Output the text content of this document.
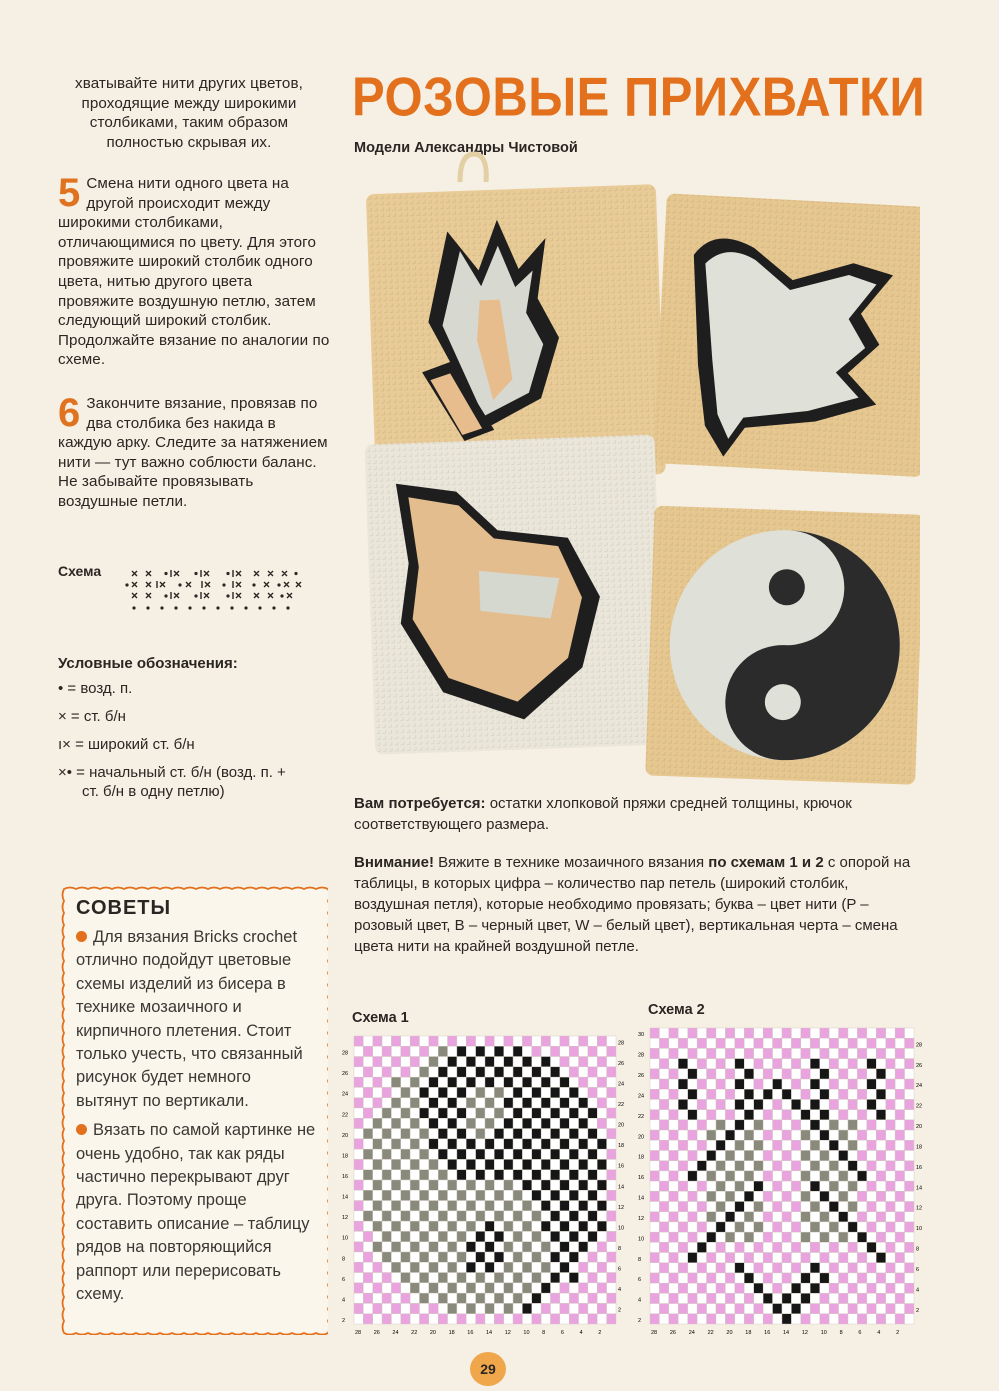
хватывайте нити других цветов, проходящие между широкими столбиками, таким образом полностью скрывая их.
5 Смена нити одного цвета на другой происходит между широкими столбиками, отличающимися по цвету. Для этого провяжите широкий столбик одного цвета, нитью другого цвета провяжите воздушную петлю, затем следующий широкий столбик. Продолжайте вязание по аналогии по схеме.

6 Закончите вязание, провязав по два столбика без накида в каждую арку. Следите за натяжением нити — тут важно соблюсти баланс. Не забывайте провязывать воздушные петли.

Схема
Условные обозначения:
• = возд. п.
× = ст. б/н
ı× = широкий ст. б/н
×• = начальный ст. б/н (возд. п. +
ст. б/н в одну петлю)
РОЗОВЫЕ ПРИХВАТКИ
Модели Александры Чистовой
Вам потребуется: остатки хлопковой пряжи средней толщины, крючок соответствующего размера.
Внимание! Вяжите в технике мозаичного вязания по схемам 1 и 2 с опорой на таблицы, в которых цифра – количество пар петель (широкий столбик, воздушная петля), которые необходимо провязать; буква – цвет нити (P – розовый цвет, B – черный цвет, W – белый цвет), вертикальная черта – смена цвета нити на крайней воздушной петле.
СОВЕТЫ

Для вязания Bricks crochet отлично подойдут цветовые схемы изделий из бисера в технике мозаичного и кирпичного плетения. Стоит только учесть, что связанный рисунок будет немного вытянут по вертикали.

Вязать по самой картинке не очень удобно, так как ряды частично перекрывают друг друга. Поэтому проще составить описание – таблицу рядов на повторяющийся раппорт или перерисовать схему.

Схема 1	Схема 2
2
4
6
8
10
12
14
16
18
20
22
24
26
28
2
4
6
8
10
12
14
16
18
20
22
24
26
28
28 26 24 22 20 18 16 14 12 10 8	6	4	2
2
4
6
8
10
12
14
16
18
20
22
24
26
28
30
2
4
6
8
10
12
14
16
18
20
22
24
26
28
28 26 24 22 20 18 16 14 12 10 8	6	4	2
29
